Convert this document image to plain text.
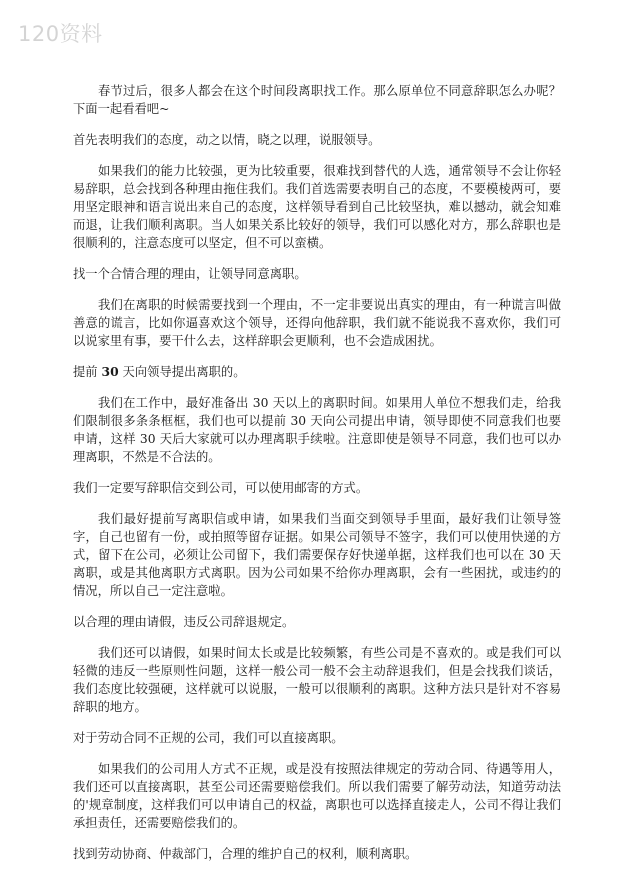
120资料

春节过后，很多人都会在这个时间段离职找工作。那么原单位不同意辞职怎么办呢？下面一起看看吧~

首先表明我们的态度，动之以情，晓之以理，说服领导。

如果我们的能力比较强，更为比较重要，很难找到替代的人选，通常领导不会让你轻易辞职，总会找到各种理由拖住我们。我们首选需要表明自己的态度，不要模棱两可，要用坚定眼神和语言说出来自己的态度，这样领导看到自己比较坚执，难以撼动，就会知难而退，让我们顺利离职。当人如果关系比较好的领导，我们可以感化对方，那么辞职也是很顺利的，注意态度可以坚定，但不可以蛮横。

找一个合情合理的理由，让领导同意离职。

我们在离职的时候需要找到一个理由，不一定非要说出真实的理由，有一种谎言叫做善意的谎言，比如你逼喜欢这个领导，还得向他辞职，我们就不能说我不喜欢你，我们可以说家里有事，要干什么去，这样辞职会更顺利，也不会造成困扰。

提前 30 天向领导提出离职的。

我们在工作中，最好准备出 30 天以上的离职时间。如果用人单位不想我们走，给我们限制很多条条框框，我们也可以提前 30 天向公司提出申请，领导即使不同意我们也要申请，这样 30 天后大家就可以办理离职手续啦。注意即使是领导不同意，我们也可以办理离职，不然是不合法的。

我们一定要写辞职信交到公司，可以使用邮寄的方式。

我们最好提前写离职信或申请，如果我们当面交到领导手里面，最好我们让领导签字，自己也留有一份，或拍照等留存证据。如果公司领导不签字，我们可以使用快递的方式，留下在公司，必须让公司留下，我们需要保存好快递单据，这样我们也可以在 30 天离职，或是其他离职方式离职。因为公司如果不给你办理离职，会有一些困扰，或违约的情况，所以自己一定注意啦。

以合理的理由请假，违反公司辞退规定。

我们还可以请假，如果时间太长或是比较频繁，有些公司是不喜欢的。或是我们可以轻微的违反一些原则性问题，这样一般公司一般不会主动辞退我们，但是会找我们谈话，我们态度比较强硬，这样就可以说服，一般可以很顺利的离职。这种方法只是针对不容易辞职的地方。

对于劳动合同不正规的公司，我们可以直接离职。

如果我们的公司用人方式不正规，或是没有按照法律规定的劳动合同、待遇等用人，我们还可以直接离职，甚至公司还需要赔偿我们。所以我们需要了解劳动法，知道劳动法的'规章制度，这样我们可以申请自己的权益，离职也可以选择直接走人，公司不得让我们承担责任，还需要赔偿我们的。

找到劳动协商、仲裁部门，合理的维护自己的权利，顺利离职。
